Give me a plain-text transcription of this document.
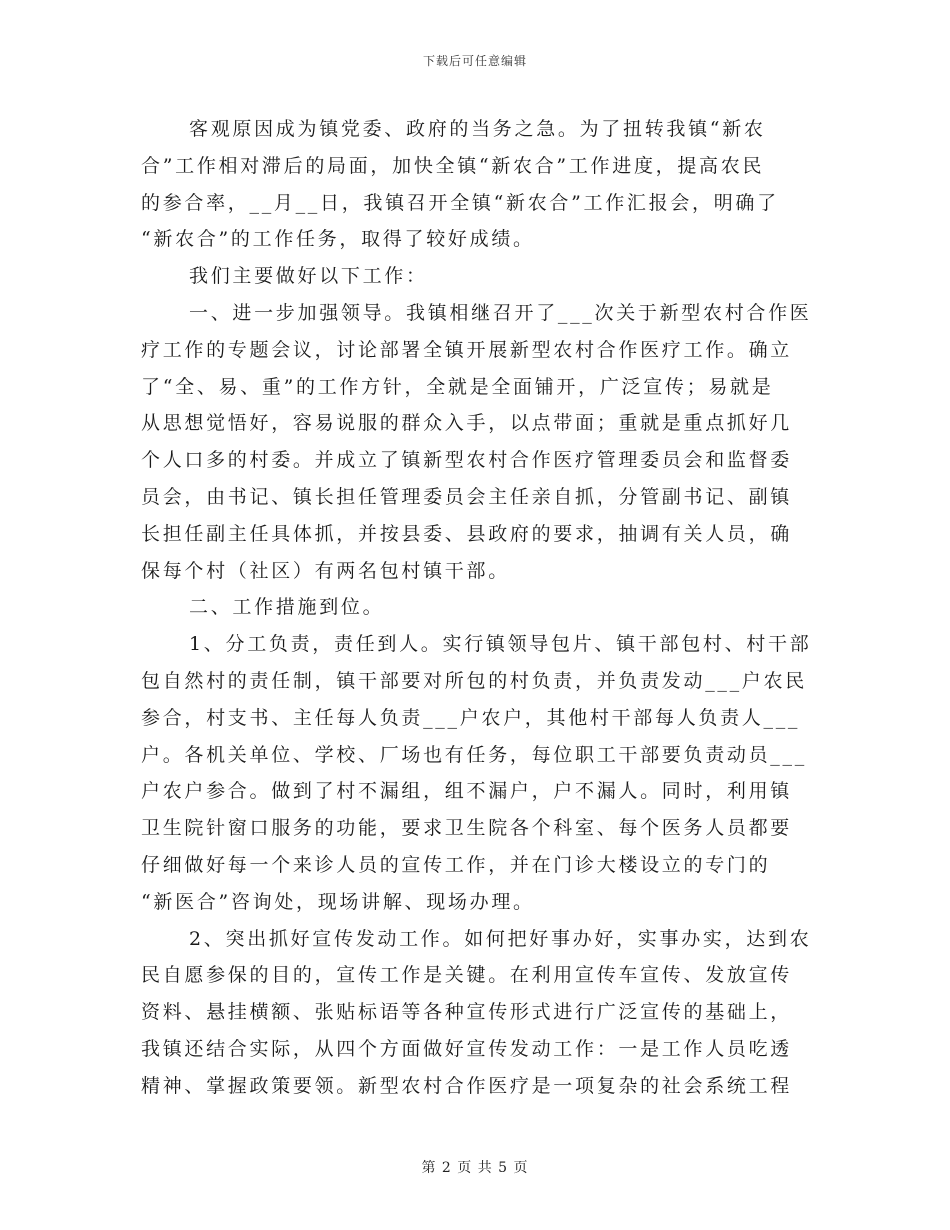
下载后可任意编辑
客观原因成为镇党委、政府的当务之急。为了扭转我镇“新农
合”工作相对滞后的局面，加快全镇“新农合”工作进度，提高农民
的参合率，__月__日，我镇召开全镇“新农合”工作汇报会，明确了
“新农合”的工作任务，取得了较好成绩。
我们主要做好以下工作：
一、进一步加强领导。我镇相继召开了___次关于新型农村合作医
疗工作的专题会议，讨论部署全镇开展新型农村合作医疗工作。确立
了“全、易、重”的工作方针，全就是全面铺开，广泛宣传；易就是
从思想觉悟好，容易说服的群众入手，以点带面；重就是重点抓好几
个人口多的村委。并成立了镇新型农村合作医疗管理委员会和监督委
员会，由书记、镇长担任管理委员会主任亲自抓，分管副书记、副镇
长担任副主任具体抓，并按县委、县政府的要求，抽调有关人员，确
保每个村（社区）有两名包村镇干部。
二、工作措施到位。
1、分工负责，责任到人。实行镇领导包片、镇干部包村、村干部
包自然村的责任制，镇干部要对所包的村负责，并负责发动___户农民
参合，村支书、主任每人负责___户农户，其他村干部每人负责人___
户。各机关单位、学校、厂场也有任务，每位职工干部要负责动员___
户农户参合。做到了村不漏组，组不漏户，户不漏人。同时，利用镇
卫生院针窗口服务的功能，要求卫生院各个科室、每个医务人员都要
仔细做好每一个来诊人员的宣传工作，并在门诊大楼设立的专门的
“新医合”咨询处，现场讲解、现场办理。
2、突出抓好宣传发动工作。如何把好事办好，实事办实，达到农
民自愿参保的目的，宣传工作是关键。在利用宣传车宣传、发放宣传
资料、悬挂横额、张贴标语等各种宣传形式进行广泛宣传的基础上，
我镇还结合实际，从四个方面做好宣传发动工作：一是工作人员吃透
精神、掌握政策要领。新型农村合作医疗是一项复杂的社会系统工程
第 2 页 共 5 页
